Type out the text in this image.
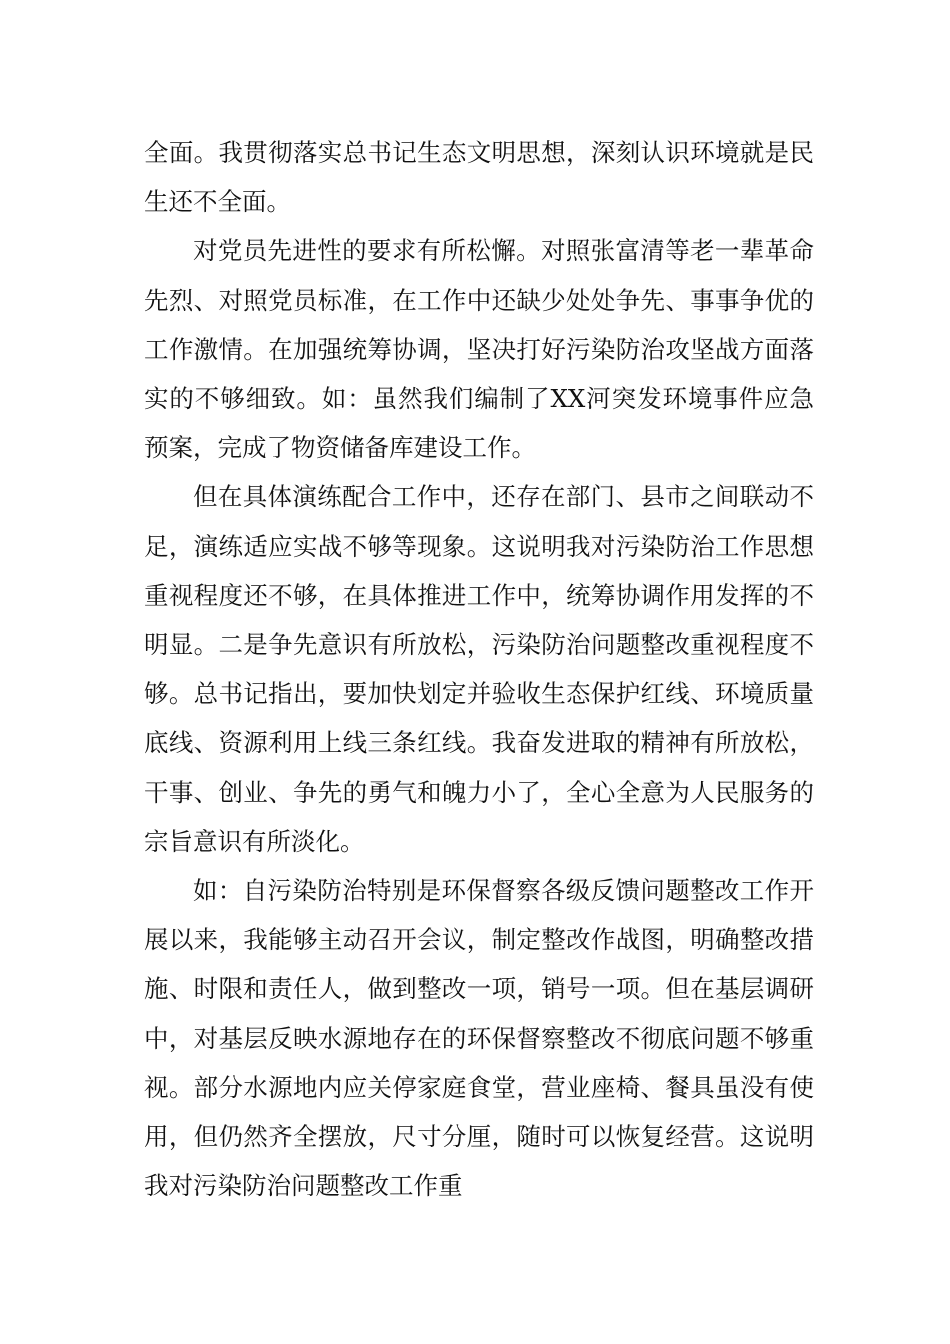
全面。我贯彻落实总书记生态文明思想，深刻认识环境就是民生还不全面。

对党员先进性的要求有所松懈。对照张富清等老一辈革命先烈、对照党员标准，在工作中还缺少处处争先、事事争优的工作激情。在加强统筹协调，坚决打好污染防治攻坚战方面落实的不够细致。如：虽然我们编制了XX河突发环境事件应急预案，完成了物资储备库建设工作。

但在具体演练配合工作中，还存在部门、县市之间联动不足，演练适应实战不够等现象。这说明我对污染防治工作思想重视程度还不够，在具体推进工作中，统筹协调作用发挥的不明显。二是争先意识有所放松，污染防治问题整改重视程度不够。总书记指出，要加快划定并验收生态保护红线、环境质量底线、资源利用上线三条红线。我奋发进取的精神有所放松，干事、创业、争先的勇气和魄力小了，全心全意为人民服务的宗旨意识有所淡化。

如：自污染防治特别是环保督察各级反馈问题整改工作开展以来，我能够主动召开会议，制定整改作战图，明确整改措施、时限和责任人，做到整改一项，销号一项。但在基层调研中，对基层反映水源地存在的环保督察整改不彻底问题不够重视。部分水源地内应关停家庭食堂，营业座椅、餐具虽没有使用，但仍然齐全摆放，尺寸分厘，随时可以恢复经营。这说明我对污染防治问题整改工作重
